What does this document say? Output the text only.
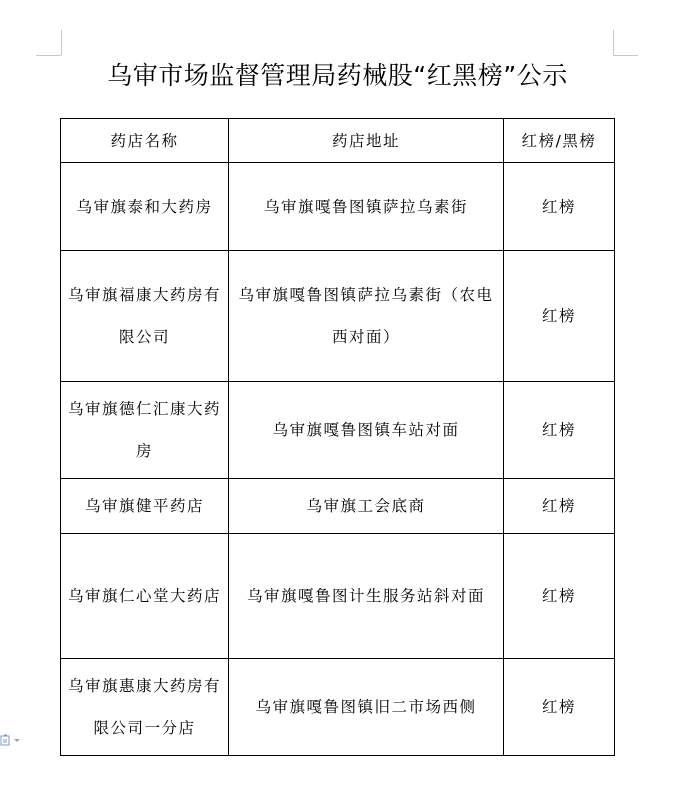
乌审市场监督管理局药械股“红黑榜”公示
药店名称	药店地址	红榜/黑榜
乌审旗泰和大药房	乌审旗嘎鲁图镇萨拉乌素街	红榜
乌审旗福康大药房有限公司	乌审旗嘎鲁图镇萨拉乌素街（农电西对面）	红榜
乌审旗德仁汇康大药房	乌审旗嘎鲁图镇车站对面	红榜
乌审旗健平药店	乌审旗工会底商	红榜
乌审旗仁心堂大药店	乌审旗嘎鲁图计生服务站斜对面	红榜
乌审旗惠康大药房有限公司一分店	乌审旗嘎鲁图镇旧二市场西侧	红榜
